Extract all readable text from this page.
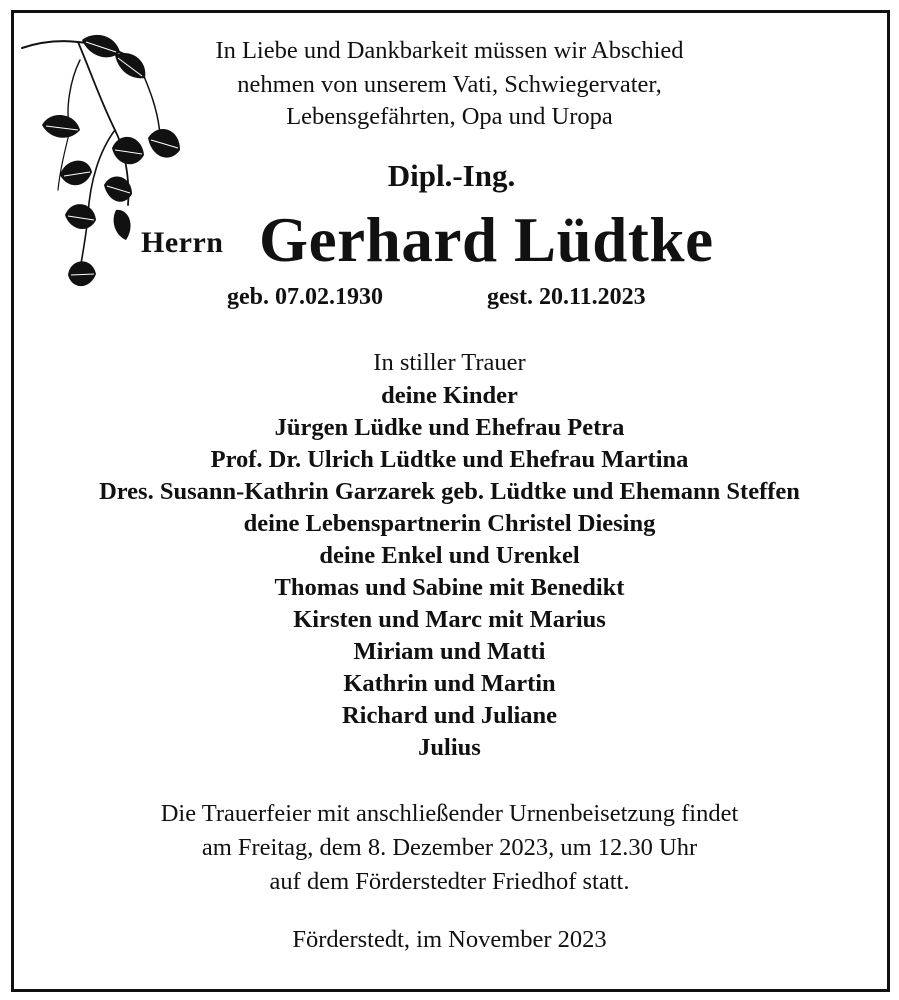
In Liebe und Dankbarkeit müssen wir Abschied
nehmen von unserem Vati, Schwiegervater,
Lebensgefährten, Opa und Uropa
Dipl.-Ing.
Herrn Gerhard Lüdtke
geb. 07.02.1930	gest. 20.11.2023
In stiller Trauer
deine Kinder
Jürgen Lüdke und Ehefrau Petra
Prof. Dr. Ulrich Lüdtke und Ehefrau Martina
Dres. Susann-Kathrin Garzarek geb. Lüdtke und Ehemann Steffen
deine Lebenspartnerin Christel Diesing
deine Enkel und Urenkel
Thomas und Sabine mit Benedikt
Kirsten und Marc mit Marius
Miriam und Matti
Kathrin und Martin
Richard und Juliane
Julius
Die Trauerfeier mit anschließender Urnenbeisetzung findet
am Freitag, dem 8. Dezember 2023, um 12.30 Uhr
auf dem Förderstedter Friedhof statt.
Förderstedt, im November 2023
